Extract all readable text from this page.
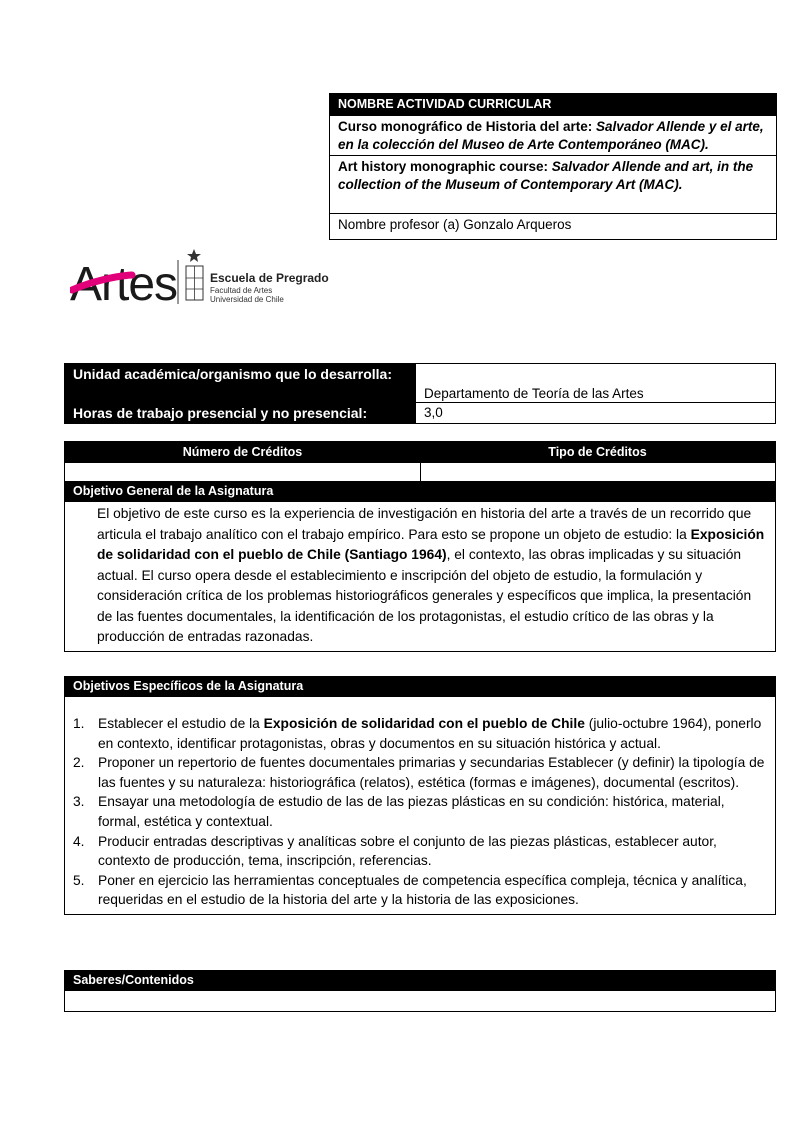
NOMBRE ACTIVIDAD CURRICULAR
Curso monográfico de Historia del arte: Salvador Allende y el arte, en la colección del Museo de Arte Contemporáneo (MAC).
Art history monographic course: Salvador Allende and art, in the collection of the Museum of Contemporary Art (MAC).
Nombre profesor (a) Gonzalo Arqueros
Artes	Escuela de Pregrado
Facultad de Artes
Universidad de Chile
Unidad académica/organismo que lo desarrolla:
Departamento de Teoría de las Artes
Horas de trabajo presencial y no presencial:	3,0
Número de Créditos	Tipo de Créditos
Objetivo General de la Asignatura
El objetivo de este curso es la experiencia de investigación en historia del arte a través de un recorrido que articula el trabajo analítico con el trabajo empírico. Para esto se propone un objeto de estudio: la Exposición de solidaridad con el pueblo de Chile (Santiago 1964), el contexto, las obras implicadas y su situación actual. El curso opera desde el establecimiento e inscripción del objeto de estudio, la formulación y consideración crítica de los problemas historiográficos generales y específicos que implica, la presentación de las fuentes documentales, la identificación de los protagonistas, el estudio crítico de las obras y la producción de entradas razonadas.
Objetivos Específicos de la Asignatura
1. Establecer el estudio de la Exposición de solidaridad con el pueblo de Chile (julio-octubre 1964), ponerlo en contexto, identificar protagonistas, obras y documentos en su situación histórica y actual.
2. Proponer un repertorio de fuentes documentales primarias y secundarias Establecer (y definir) la tipología de las fuentes y su naturaleza: historiográfica (relatos), estética (formas e imágenes), documental (escritos).
3. Ensayar una metodología de estudio de las de las piezas plásticas en su condición: histórica, material, formal, estética y contextual.
4. Producir entradas descriptivas y analíticas sobre el conjunto de las piezas plásticas, establecer autor, contexto de producción, tema, inscripción, referencias.
5. Poner en ejercicio las herramientas conceptuales de competencia específica compleja, técnica y analítica, requeridas en el estudio de la historia del arte y la historia de las exposiciones.
Saberes/Contenidos
